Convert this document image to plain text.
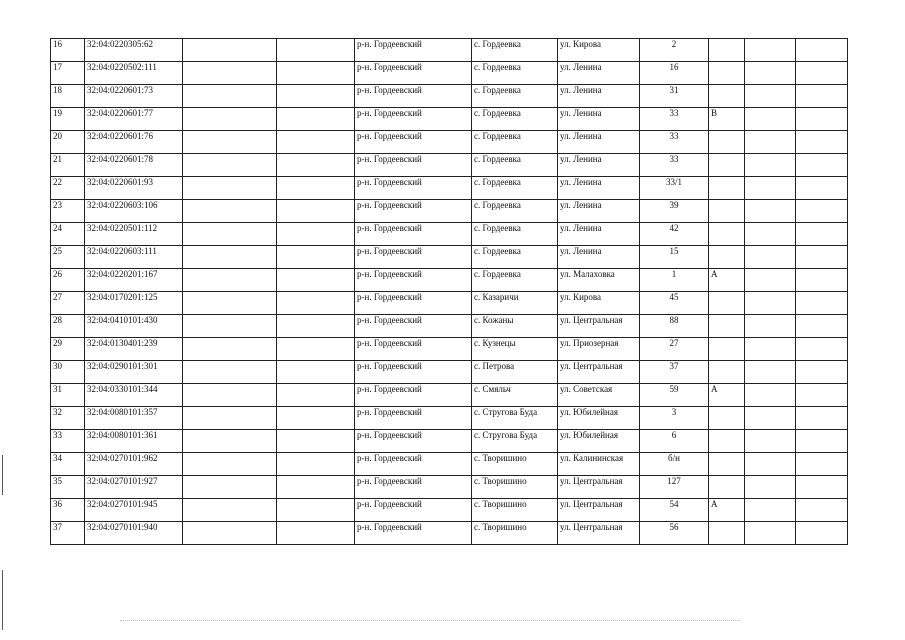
16	32:04:0220305:62			р-н. Гордеевский	с. Гордеевка	ул. Кирова	2			
17	32:04:0220502:111			р-н. Гордеевский	с. Гордеевка	ул. Ленина	16			
18	32:04:0220601:73			р-н. Гордеевский	с. Гордеевка	ул. Ленина	31			
19	32:04:0220601:77			р-н. Гордеевский	с. Гордеевка	ул. Ленина	33	В		
20	32:04:0220601:76			р-н. Гордеевский	с. Гордеевка	ул. Ленина	33			
21	32:04:0220601:78			р-н. Гордеевский	с. Гордеевка	ул. Ленина	33			
22	32:04:0220601:93			р-н. Гордеевский	с. Гордеевка	ул. Ленина	33/1			
23	32:04:0220603:106			р-н. Гордеевский	с. Гордеевка	ул. Ленина	39			
24	32:04:0220501:112			р-н. Гордеевский	с. Гордеевка	ул. Ленина	42			
25	32:04:0220603:111			р-н. Гордеевский	с. Гордеевка	ул. Ленина	15			
26	32:04:0220201:167			р-н. Гордеевский	с. Гордеевка	ул. Малаховка	1	А		
27	32:04:0170201:125			р-н. Гордеевский	с. Казаричи	ул. Кирова	45			
28	32:04:0410101:430			р-н. Гордеевский	с. Кожаны	ул. Центральная	88			
29	32:04:0130401:239			р-н. Гордеевский	с. Кузнецы	ул. Приозерная	27			
30	32:04:0290101:301			р-н. Гордеевский	с. Петрова	ул. Центральная	37			
31	32:04:0330101:344			р-н. Гордеевский	с. Смяльч	ул. Советская	59	А		
32	32:04:0080101:357			р-н. Гордеевский	с. Стругова Буда	ул. Юбилейная	3			
33	32:04:0080101:361			р-н. Гордеевский	с. Стругова Буда	ул. Юбилейная	6			
34	32:04:0270101:962			р-н. Гордеевский	с. Творишино	ул. Калининская	б/н			
35	32:04:0270101:927			р-н. Гордеевский	с. Творишино	ул. Центральная	127			
36	32:04:0270101:945			р-н. Гордеевский	с. Творишино	ул. Центральная	54	А		
37	32:04:0270101:940			р-н. Гордеевский	с. Творишино	ул. Центральная	56			
